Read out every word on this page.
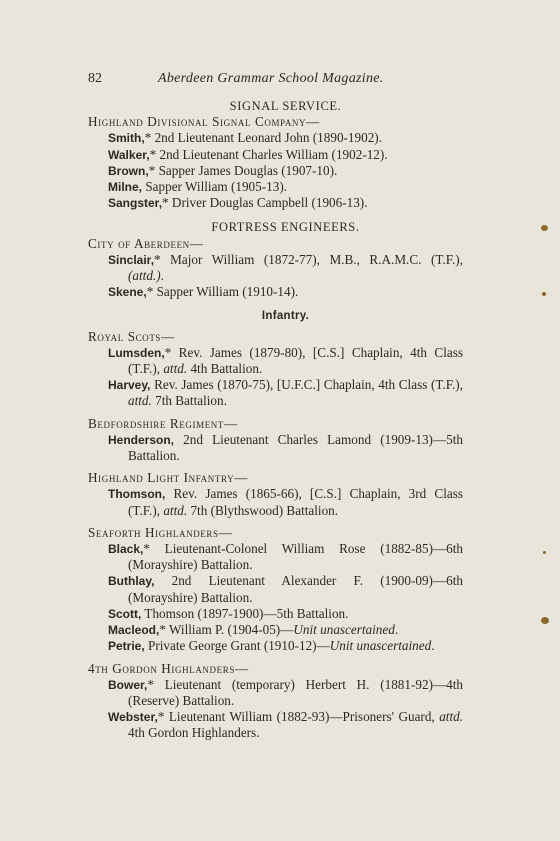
82	Aberdeen Grammar School Magazine.

SIGNAL SERVICE.

Highland Divisional Signal Company—

Smith,* 2nd Lieutenant Leonard John (1890-1902).

Walker,* 2nd Lieutenant Charles William (1902-12).

Brown,* Sapper James Douglas (1907-10).

Milne, Sapper William (1905-13).

Sangster,* Driver Douglas Campbell (1906-13).

FORTRESS ENGINEERS.

City of Aberdeen—

Sinclair,* Major William (1872-77), M.B., R.A.M.C. (T.F.), (attd.).

Skene,* Sapper William (1910-14).

Infantry.

Royal Scots—

Lumsden,* Rev. James (1879-80), [C.S.] Chaplain, 4th Class (T.F.), attd. 4th Battalion.

Harvey, Rev. James (1870-75), [U.F.C.] Chaplain, 4th Class (T.F.), attd. 7th Battalion.

Bedfordshire Regiment—

Henderson, 2nd Lieutenant Charles Lamond (1909-13)—5th Battalion.

Highland Light Infantry—

Thomson, Rev. James (1865-66), [C.S.] Chaplain, 3rd Class (T.F.), attd. 7th (Blythswood) Battalion.

Seaforth Highlanders—

Black,* Lieutenant-Colonel William Rose (1882-85)—6th (Morayshire) Battalion.

Buthlay, 2nd Lieutenant Alexander F. (1900-09)—6th (Morayshire) Battalion.

Scott, Thomson (1897-1900)—5th Battalion.

Macleod,* William P. (1904-05)—Unit unascertained.

Petrie, Private George Grant (1910-12)—Unit unascertained.

4th Gordon Highlanders—

Bower,* Lieutenant (temporary) Herbert H. (1881-92)—4th (Reserve) Battalion.

Webster,* Lieutenant William (1882-93)—Prisoners' Guard, attd. 4th Gordon Highlanders.
